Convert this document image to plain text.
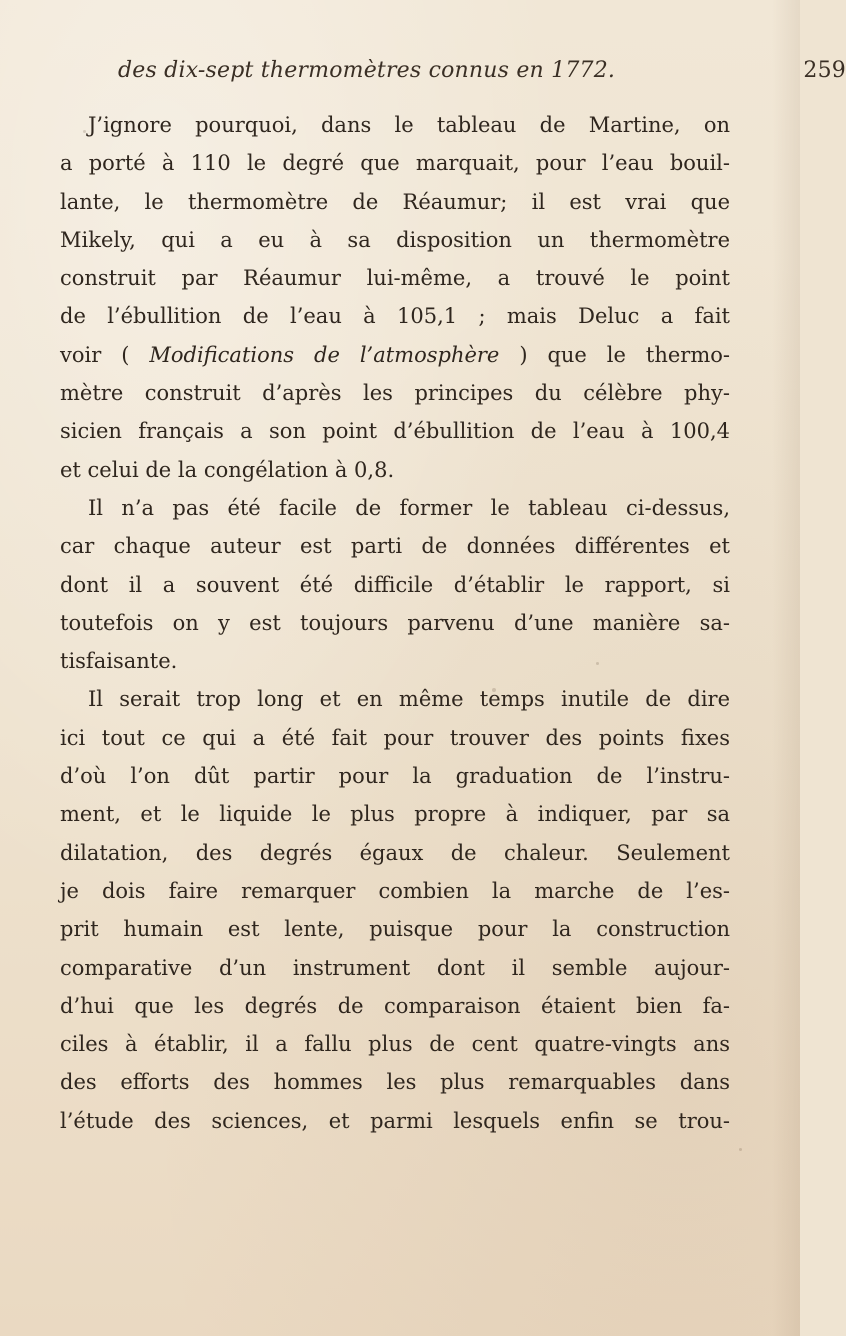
des dix-sept thermomètres connus en 1772.	259

J’ignore pourquoi, dans le tableau de Martine, on
a porté à 110 le degré que marquait, pour l’eau bouil-
lante, le thermomètre de Réaumur; il est vrai que
Mikely, qui a eu à sa disposition un thermomètre
construit par Réaumur lui-même, a trouvé le point
de l’ébullition de l’eau à 105,1 ; mais Deluc a fait
voir ( Modifications de l’atmosphère ) que le thermo-
mètre construit d’après les principes du célèbre phy-
sicien français a son point d’ébullition de l’eau à 100,4
et celui de la congélation à 0,8.

Il n’a pas été facile de former le tableau ci-dessus,
car chaque auteur est parti de données différentes et
dont il a souvent été difficile d’établir le rapport, si
toutefois on y est toujours parvenu d’une manière sa-
tisfaisante.

Il serait trop long et en même temps inutile de dire
ici tout ce qui a été fait pour trouver des points fixes
d’où l’on dût partir pour la graduation de l’instru-
ment, et le liquide le plus propre à indiquer, par sa
dilatation, des degrés égaux de chaleur. Seulement
je dois faire remarquer combien la marche de l’es-
prit humain est lente, puisque pour la construction
comparative d’un instrument dont il semble aujour-
d’hui que les degrés de comparaison étaient bien fa-
ciles à établir, il a fallu plus de cent quatre-vingts ans
des efforts des hommes les plus remarquables dans
l’étude des sciences, et parmi lesquels enfin se trou-
